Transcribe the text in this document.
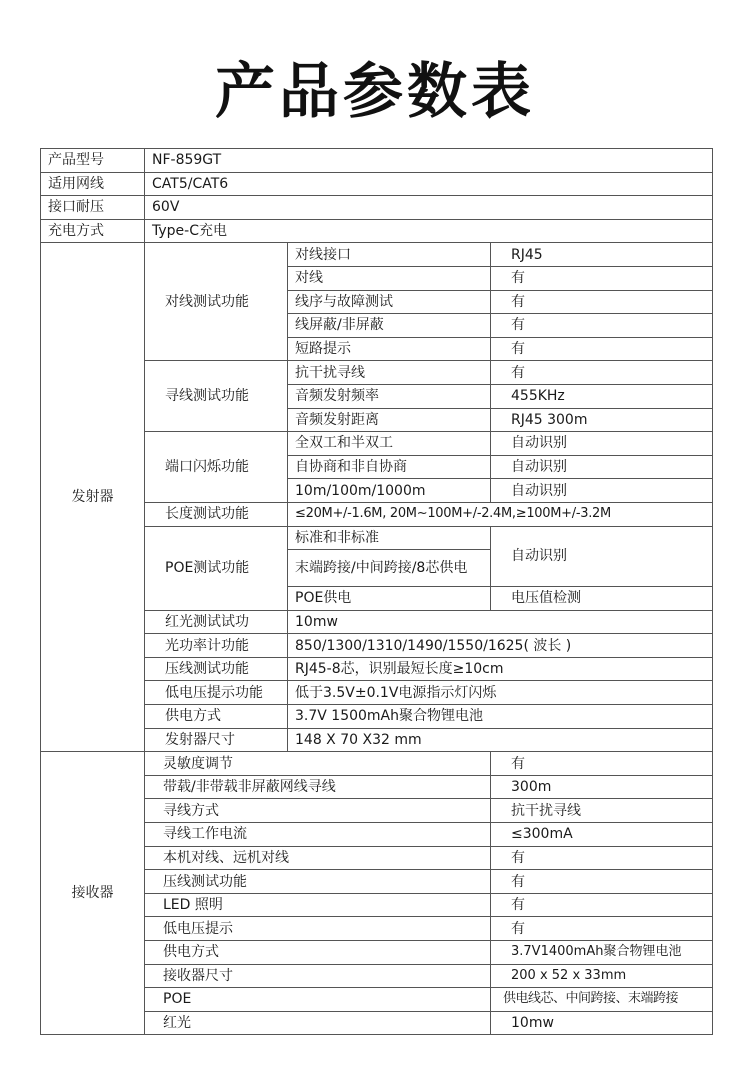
产品参数表
产品型号	NF-859GT		
适用网线	CAT5/CAT6		
接口耐压	60V		
充电方式	Type-C充电		
发射器	对线测试功能	对线接口	RJ45
		对线	有
		线序与故障测试	有
		线屏蔽/非屏蔽	有
		短路提示	有
	寻线测试功能	抗干扰寻线	有
		音频发射频率	455KHz
		音频发射距离	RJ45 300m
	端口闪烁功能	全双工和半双工	自动识别
		自协商和非自协商	自动识别
		10m/100m/1000m	自动识别
	长度测试功能	≤20M+/-1.6M, 20M~100M+/-2.4M,≥100M+/-3.2M	
	POE测试功能	标准和非标准	自动识别
		末端跨接/中间跨接/8芯供电	
		POE供电	电压值检测
	红光测试试功	10mw	
	光功率计功能	850/1300/1310/1490/1550/1625( 波长 )	
	压线测试功能	RJ45-8芯，识别最短长度≥10cm	
	低电压提示功能	低于3.5V±0.1V电源指示灯闪烁	
	供电方式	3.7V 1500mAh聚合物锂电池	
	发射器尺寸	148 X 70 X32 mm	
接收器	灵敏度调节		有
	带载/非带载非屏蔽网线寻线		300m
	寻线方式		抗干扰寻线
	寻线工作电流		≤300mA
	本机对线、远机对线		有
	压线测试功能		有
	LED 照明		有
	低电压提示		有
	供电方式		3.7V1400mAh聚合物锂电池
	接收器尺寸		200 x 52 x 33mm
	POE		供电线芯、中间跨接、末端跨接
	红光		10mw
